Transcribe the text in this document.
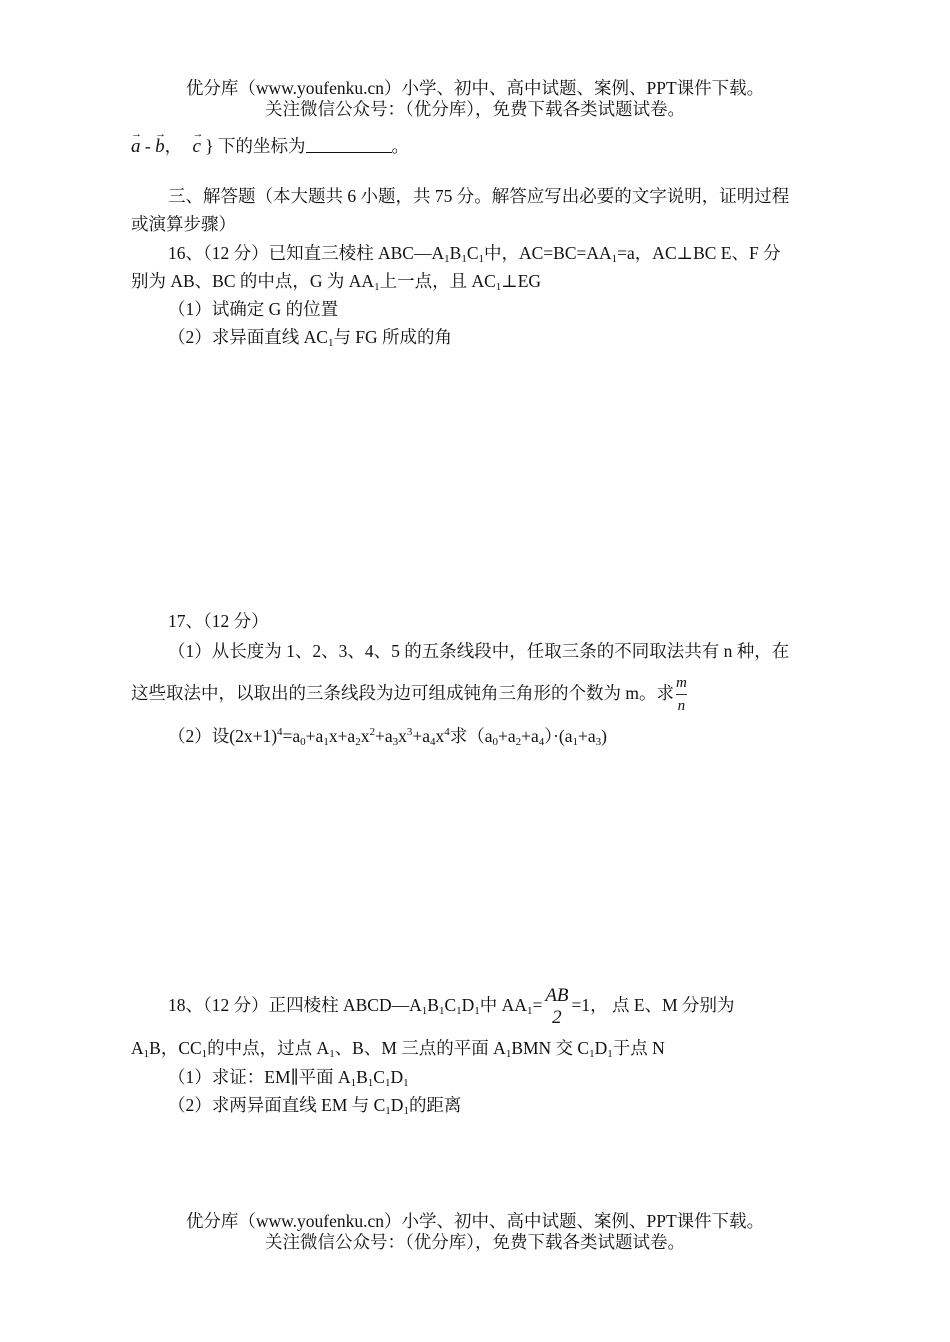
优分库（www.youfenku.cn）小学、初中、高中试题、案例、PPT课件下载。
关注微信公众号：（优分库），免费下载各类试题试卷。
→
a -
→
b，
→
c } 下的坐标为	。
三、解答题（本大题共 6 小题，共 75 分。解答应写出必要的文字说明，证明过程
或演算步骤）
16、（12 分）已知直三棱柱 $ABC—A_1B_1C_1$中，$AC=BC=AA_1=a$，AC⊥BC E、F 分
别为 AB、BC 的中点，G 为 $AA_1$上一点，且 $AC_1\perp EG$
（1）试确定 G 的位置
（2）求异面直线 $AC_1$与 FG 所成的角
17、（12 分）
（1）从长度为 1、2、3、4、5 的五条线段中，任取三条的不同取法共有 n 种，在
这些取法中，以取出的三条线段为边可组成钝角三角形的个数为 m。求 $\frac{m}{n}$
（2）设$(2x+1)^4=a_0+a_1x+a_2x^2+a_3x^3+a_4x^4$求$(a_0+a_2+a_4)\cdot(a_1+a_3)$
18、（12 分）正四棱柱 $ABCD—A_1B_1C_1D_1$中 $AA_1=$ AB
2
=1， 点 E、M 分别为
$A_1B$，$CC_1$的中点，过点 $A_1$、B、M 三点的平面 $A_1BMN$ 交 $C_1D_1$于点 N
（1）求证：EM∥平面 $A_1B_1C_1D_1$
（2）求两异面直线 EM 与 $C_1D_1$的距离
优分库（www.youfenku.cn）小学、初中、高中试题、案例、PPT课件下载。
关注微信公众号：（优分库），免费下载各类试题试卷。
